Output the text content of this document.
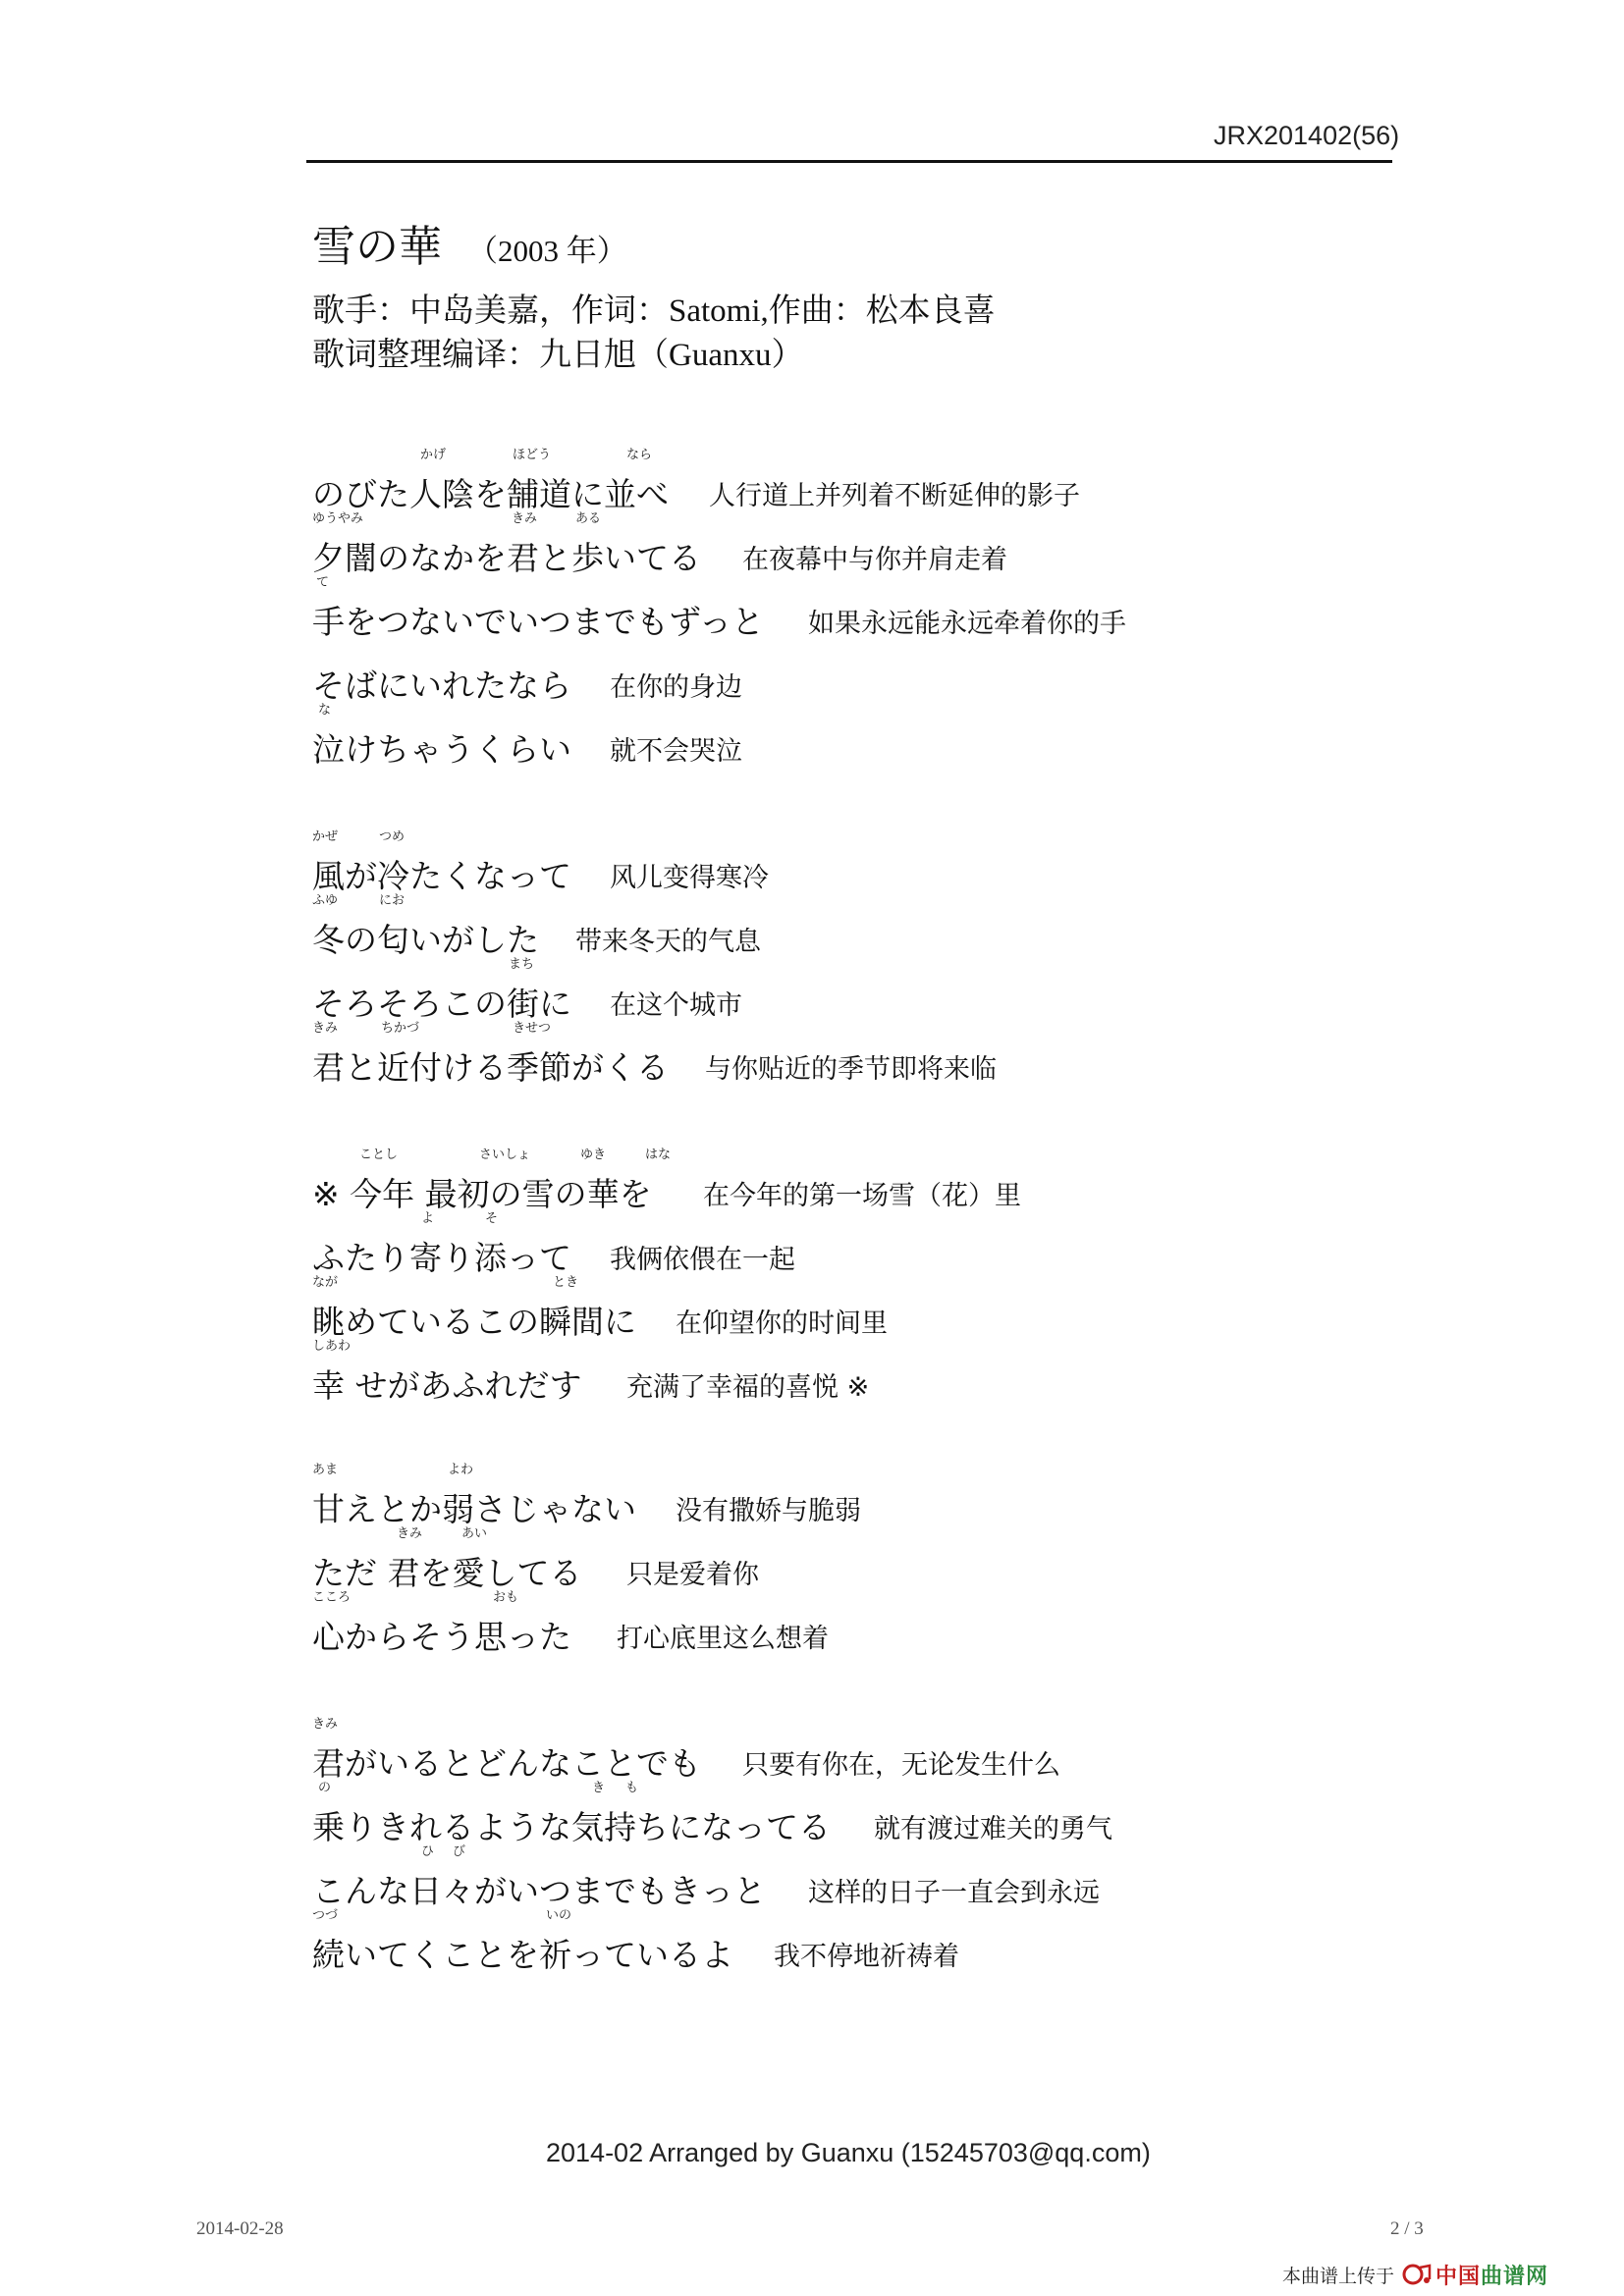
JRX201402(56)
雪の華 （2003 年）
歌手：中岛美嘉，作词：Satomi,作曲：松本良喜
歌词整理编译：九日旭（Guanxu）
かげ	ほどう	なら
のびた人陰を舗道に並べ 人行道上并列着不断延伸的影子
ゆうやみ	きみ	ある
夕闇のなかを君と歩いてる 在夜幕中与你并肩走着
て
手をつないでいつまでもずっと 如果永远能永远牵着你的手
そばにいれたなら 在你的身边
な
泣けちゃうくらい 就不会哭泣
かぜ	つめ
風が冷たくなって 风儿变得寒冷
ふゆ	にお
冬の匂いがした 带来冬天的气息
まち
そろそろこの街に 在这个城市
きみ	ちかづ	きせつ
君と近付ける季節がくる 与你贴近的季节即将来临
ことし	さいしょ	ゆき	はな
※ 今年 最初の雪の華を 在今年的第一场雪（花）里
よ	そ
ふたり寄り添って 我俩依偎在一起
なが	とき
眺めているこの瞬間に 在仰望你的时间里
しあわ
幸 せがあふれだす 充满了幸福的喜悦 ※
あま	よわ
甘えとか弱さじゃない 没有撒娇与脆弱
きみ	あい
ただ 君を愛してる 只是爱着你
こころ	おも
心からそう思った 打心底里这么想着
きみ
君がいるとどんなことでも 只要有你在，无论发生什么
の	き も
乗りきれるような気持ちになってる 就有渡过难关的勇气
ひ び
こんな日々がいつまでもきっと 这样的日子一直会到永远
つづ	いの
続いてくことを祈っているよ 我不停地祈祷着
2014-02 Arranged by Guanxu (15245703@qq.com)
2014-02-28	2 / 3
本曲谱上传于 中国曲谱网
